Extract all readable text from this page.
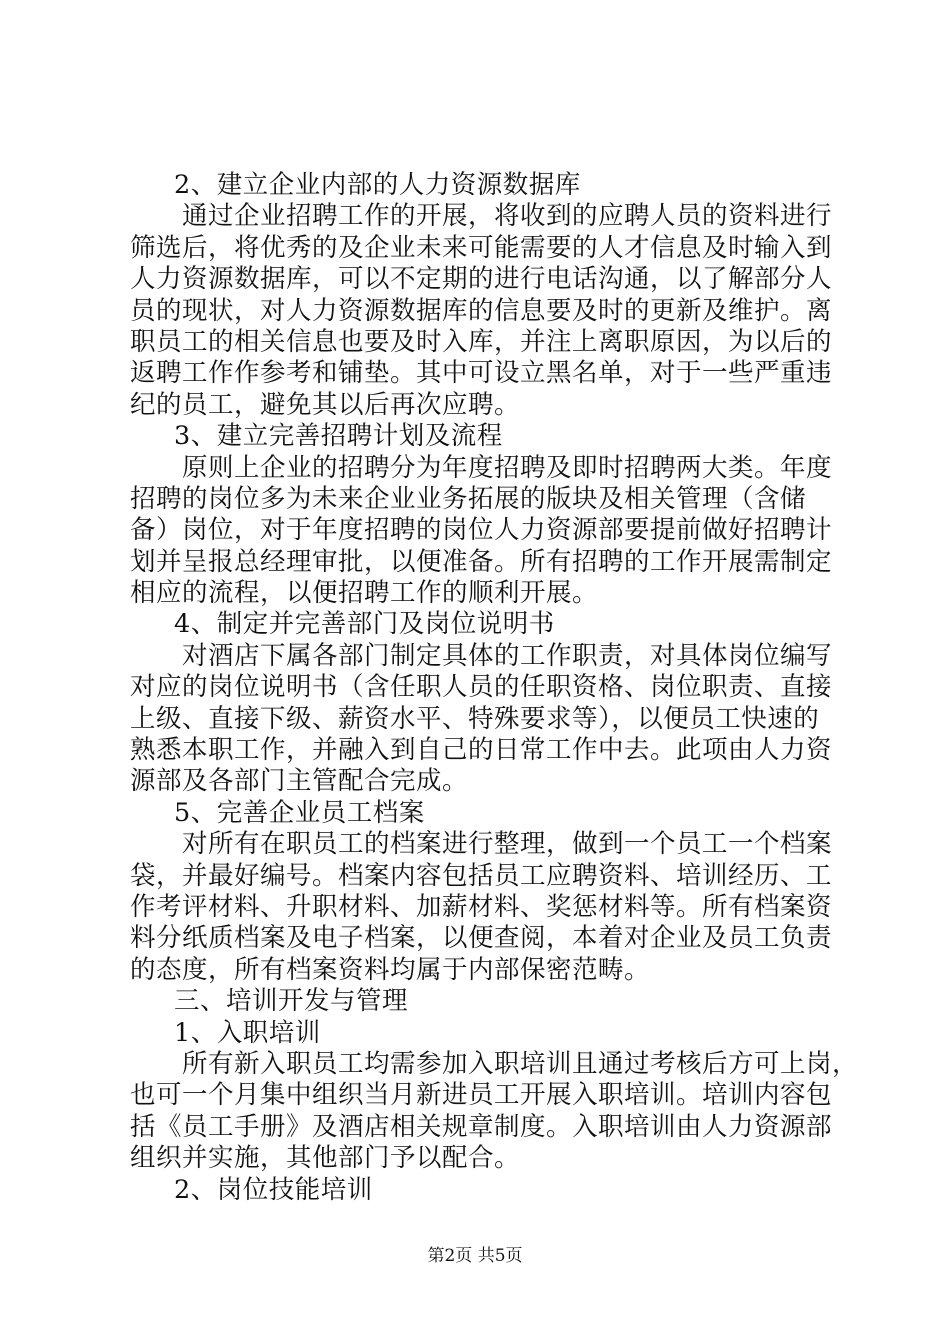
2、建立企业内部的人力资源数据库
通过企业招聘工作的开展，将收到的应聘人员的资料进行
筛选后，将优秀的及企业未来可能需要的人才信息及时输入到
人力资源数据库，可以不定期的进行电话沟通，以了解部分人
员的现状，对人力资源数据库的信息要及时的更新及维护。离
职员工的相关信息也要及时入库，并注上离职原因，为以后的
返聘工作作参考和铺垫。其中可设立黑名单，对于一些严重违
纪的员工，避免其以后再次应聘。
3、建立完善招聘计划及流程
原则上企业的招聘分为年度招聘及即时招聘两大类。年度
招聘的岗位多为未来企业业务拓展的版块及相关管理（含储
备）岗位，对于年度招聘的岗位人力资源部要提前做好招聘计
划并呈报总经理审批，以便准备。所有招聘的工作开展需制定
相应的流程，以便招聘工作的顺利开展。
4、制定并完善部门及岗位说明书
对酒店下属各部门制定具体的工作职责，对具体岗位编写
对应的岗位说明书（含任职人员的任职资格、岗位职责、直接
上级、直接下级、薪资水平、特殊要求等），以便员工快速的
熟悉本职工作，并融入到自己的日常工作中去。此项由人力资
源部及各部门主管配合完成。
5、完善企业员工档案
对所有在职员工的档案进行整理，做到一个员工一个档案
袋，并最好编号。档案内容包括员工应聘资料、培训经历、工
作考评材料、升职材料、加薪材料、奖惩材料等。所有档案资
料分纸质档案及电子档案，以便查阅，本着对企业及员工负责
的态度，所有档案资料均属于内部保密范畴。
三、培训开发与管理
1、入职培训
所有新入职员工均需参加入职培训且通过考核后方可上岗，
也可一个月集中组织当月新进员工开展入职培训。培训内容包
括《员工手册》及酒店相关规章制度。入职培训由人力资源部
组织并实施，其他部门予以配合。
2、岗位技能培训
第2页 共5页
